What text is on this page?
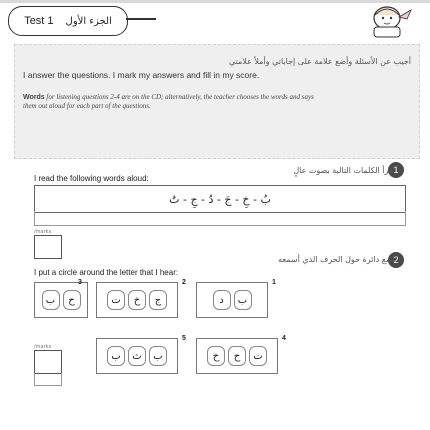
Test 1 الجزء الأول
أجيب عن الأسئلة وأضع علامة على إجاباتي وأملأ علامتي
I answer the questions. I mark my answers and fill in my score.
Words for listening questions 2-4 are on the CD; alternatively, the teacher chooses the words and says them out aloud for each part of the questions.
1
أقرأ الكلمات التالية بصوت عالٍ
I read the following words aloud:
بُ - خِ - جَ - دُ - جِ - تُ
/marks
2
أضع دائرة حول الحرف الذي أسمعه
I put a circle around the letter that I hear:
ب	ح
3
ت	خ	ج
2
د	ب
1
/marks
ب	ث	ب
5
خ	ح	ت
4
